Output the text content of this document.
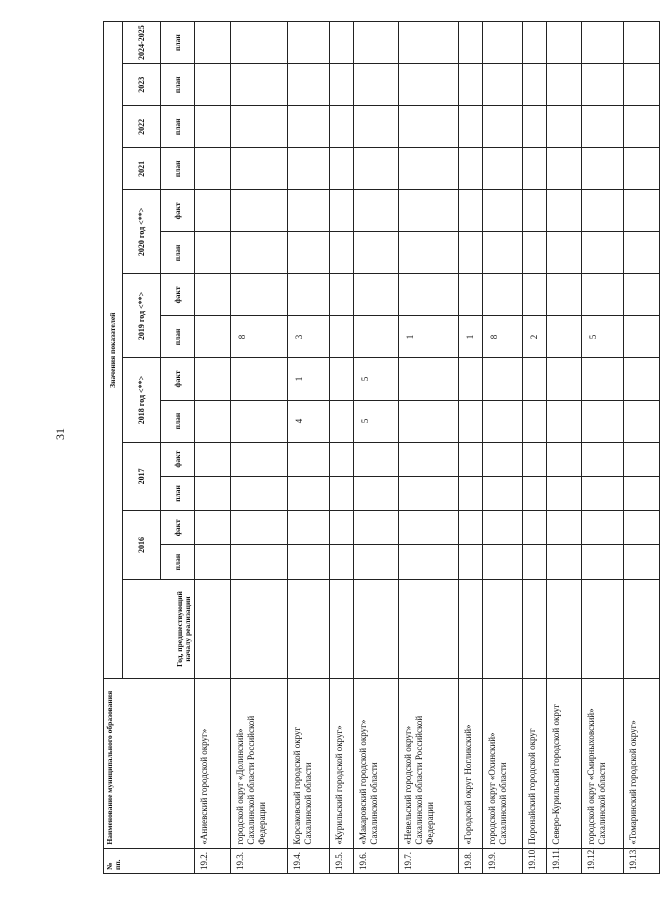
31
№ пп.	Наименование муниципального образования	Значения показателей														
		Год, предшествующий началу реализации	2016		2017		2018 год <**>		2019 год <**>		2020 год <**>		2021	2022	2023	2024-2025
			план	факт	план	факт	план	факт	план	факт	план	факт	план	план	план	план
19.2.	«Аниевский городской округ»															
19.3.	городской округ «Долинский» Сахалинской области Российской Федерации								8							
19.4.	Корсаковский городской округ Сахалинской области						4	1	3							
19.5.	«Курильский городской округ»															
19.6.	«Макаровский городской округ» Сахалинской области						5	5								
19.7.	«Невельский городской округ» Сахалинской области Российской Федерации								1							
19.8.	«Городской округ Ногликский»								1							
19.9.	городской округ «Охинский» Сахалинской области								8							
19.10.	Поронайский городской округ								2							
19.11.	Северо-Курильский городской округ															
19.12.	городской округ «Смирныховский» Сахалинской области								5							
19.13.	«Томаринский городской округ»															
